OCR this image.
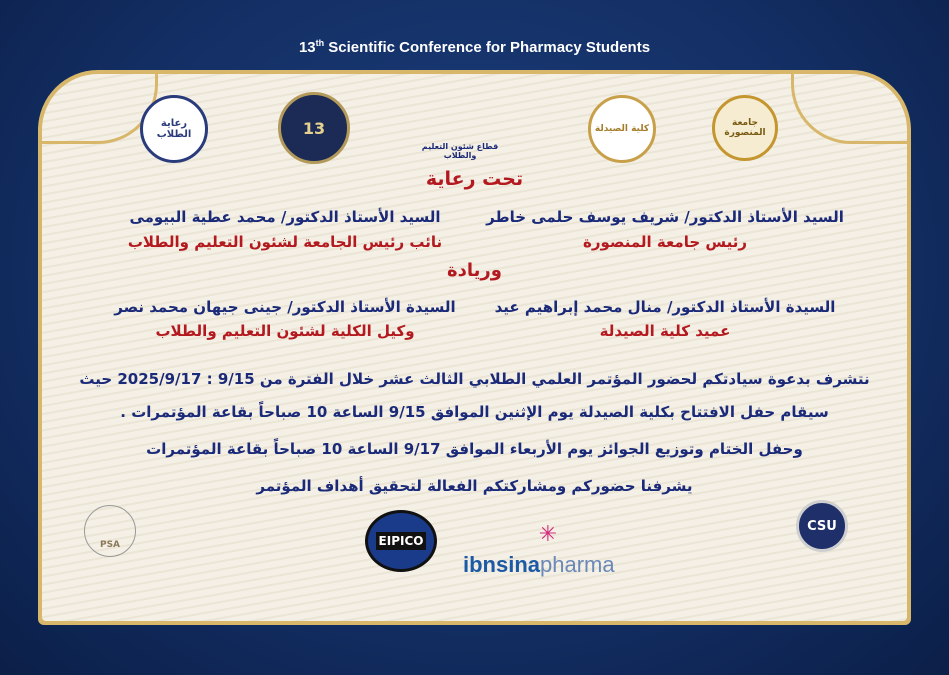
13th Scientific Conference for Pharmacy Students
رعاية الطلاب	13
قطاع شئون التعليم والطلاب
كلية الصيدلة
جامعة المنصورة
تحت رعاية
السيد الأستاذ الدكتور/ شريف يوسف حلمى خاطر
رئيس جامعة المنصورة
السيد الأستاذ الدكتور/ محمد عطية البيومى
نائب رئيس الجامعة لشئون التعليم والطلاب
وريادة
السيدة الأستاذ الدكتور/ منال محمد إبراهيم عيد
عميد كلية الصيدلة
السيدة الأستاذ الدكتور/ جينى جيهان محمد نصر
وكيل الكلية لشئون التعليم والطلاب
نتشرف بدعوة سيادتكم لحضور المؤتمر العلمي الطلابي الثالث عشر خلال الفترة من 9/15 : 2025/9/17 حيث
سيقام حفل الافتتاح بكلية الصيدلة يوم الإثنين الموافق 9/15 الساعة 10 صباحاً بقاعة المؤتمرات .
وحفل الختام وتوزيع الجوائز يوم الأربعاء الموافق 9/17 الساعة 10 صباحاً بقاعة المؤتمرات
يشرفنا حضوركم ومشاركتكم الفعالة لتحقيق أهداف المؤتمر
PSA	EIPICO	✳
ibnsinapharma
CSU
